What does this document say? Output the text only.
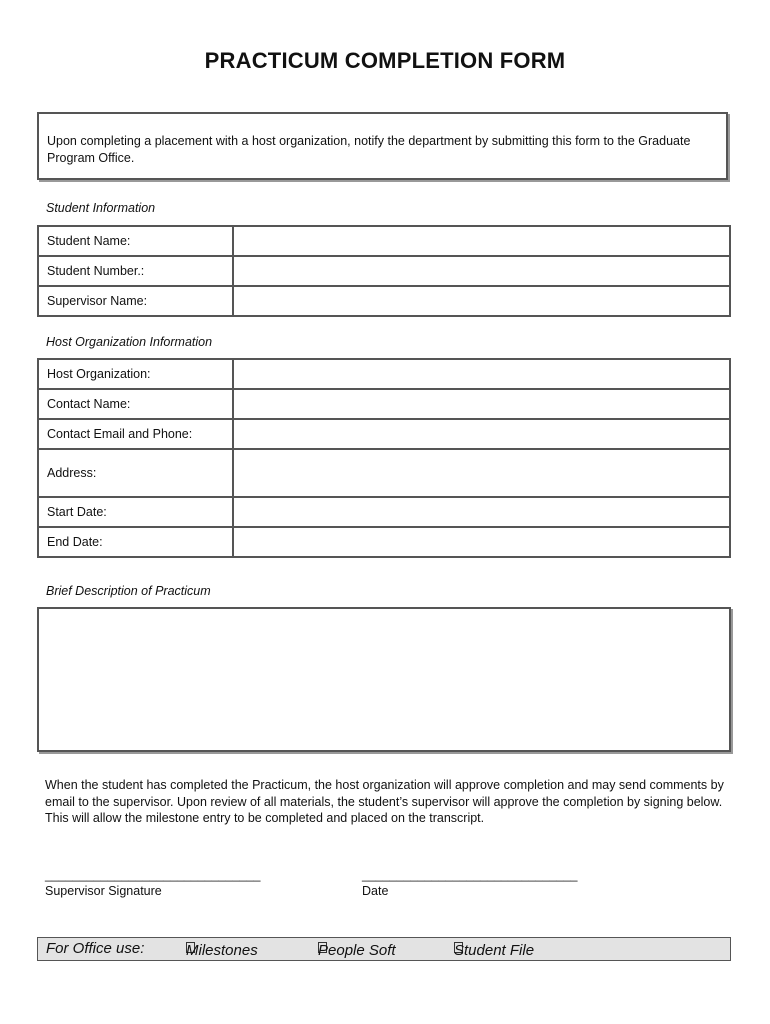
PRACTICUM COMPLETION FORM
Upon completing a placement with a host organization, notify the department by submitting this form to the Graduate Program Office.
Student Information
Student Name:	
Student Number.:	
Supervisor Name:	
Host Organization Information
Host Organization:	
Contact Name:	
Contact Email and Phone:	
Address:	
Start Date:	
End Date:	
Brief Description of Practicum
When the student has completed the Practicum, the host organization will approve completion and may send comments by email to the supervisor. Upon review of all materials, the student’s supervisor will approve the completion by signing below. This will allow the milestone entry to be completed and placed on the transcript.
_______________________________
Supervisor Signature
_______________________________
Date
For Office use:	Milestones	People Soft	Student File
